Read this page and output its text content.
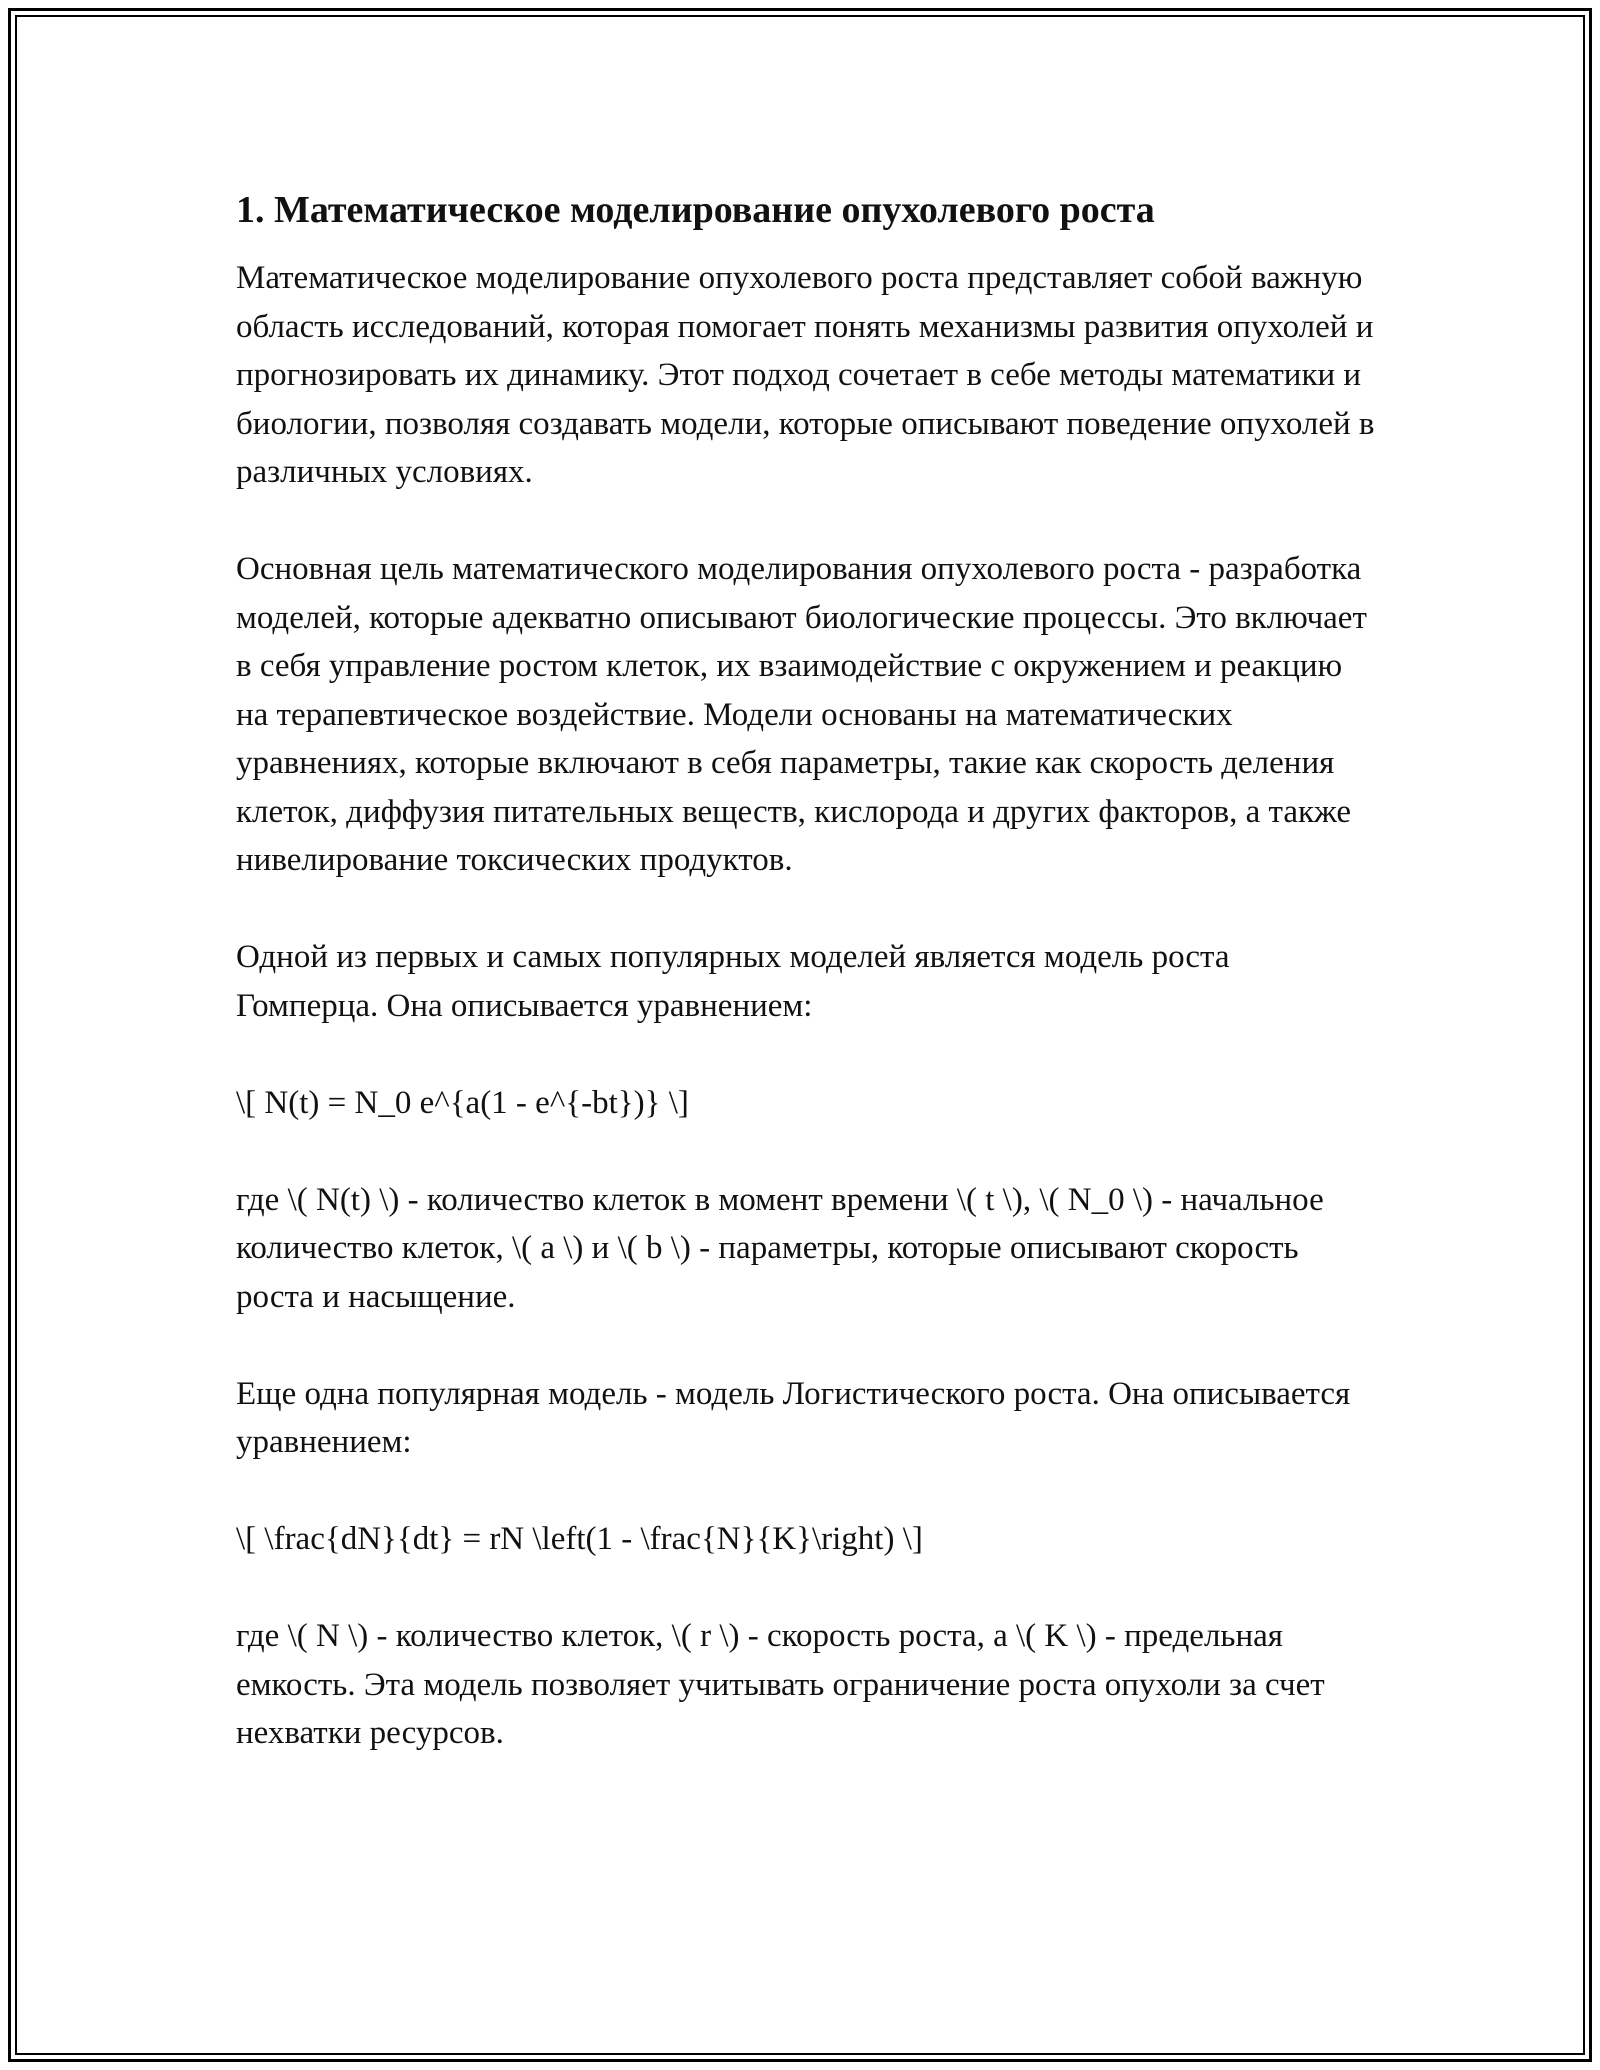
1. Математическое моделирование опухолевого роста

Математическое моделирование опухолевого роста представляет собой важную область исследований, которая помогает понять механизмы развития опухолей и прогнозировать их динамику. Этот подход сочетает в себе методы математики и биологии, позволяя создавать модели, которые описывают поведение опухолей в различных условиях.

Основная цель математического моделирования опухолевого роста - разработка моделей, которые адекватно описывают биологические процессы. Это включает в себя управление ростом клеток, их взаимодействие с окружением и реакцию на терапевтическое воздействие. Модели основаны на математических уравнениях, которые включают в себя параметры, такие как скорость деления клеток, диффузия питательных веществ, кислорода и других факторов, а также нивелирование токсических продуктов.

Одной из первых и самых популярных моделей является модель роста Гомперца. Она описывается уравнением:

\[ N(t) = N_0 e^{a(1 - e^{-bt})} \]

где \( N(t) \) - количество клеток в момент времени \( t \), \( N_0 \) - начальное количество клеток, \( a \) и \( b \) - параметры, которые описывают скорость роста и насыщение.

Еще одна популярная модель - модель Логистического роста. Она описывается уравнением:

\[ \frac{dN}{dt} = rN \left(1 - \frac{N}{K}\right) \]

где \( N \) - количество клеток, \( r \) - скорость роста, а \( K \) - предельная емкость. Эта модель позволяет учитывать ограничение роста опухоли за счет нехватки ресурсов.
